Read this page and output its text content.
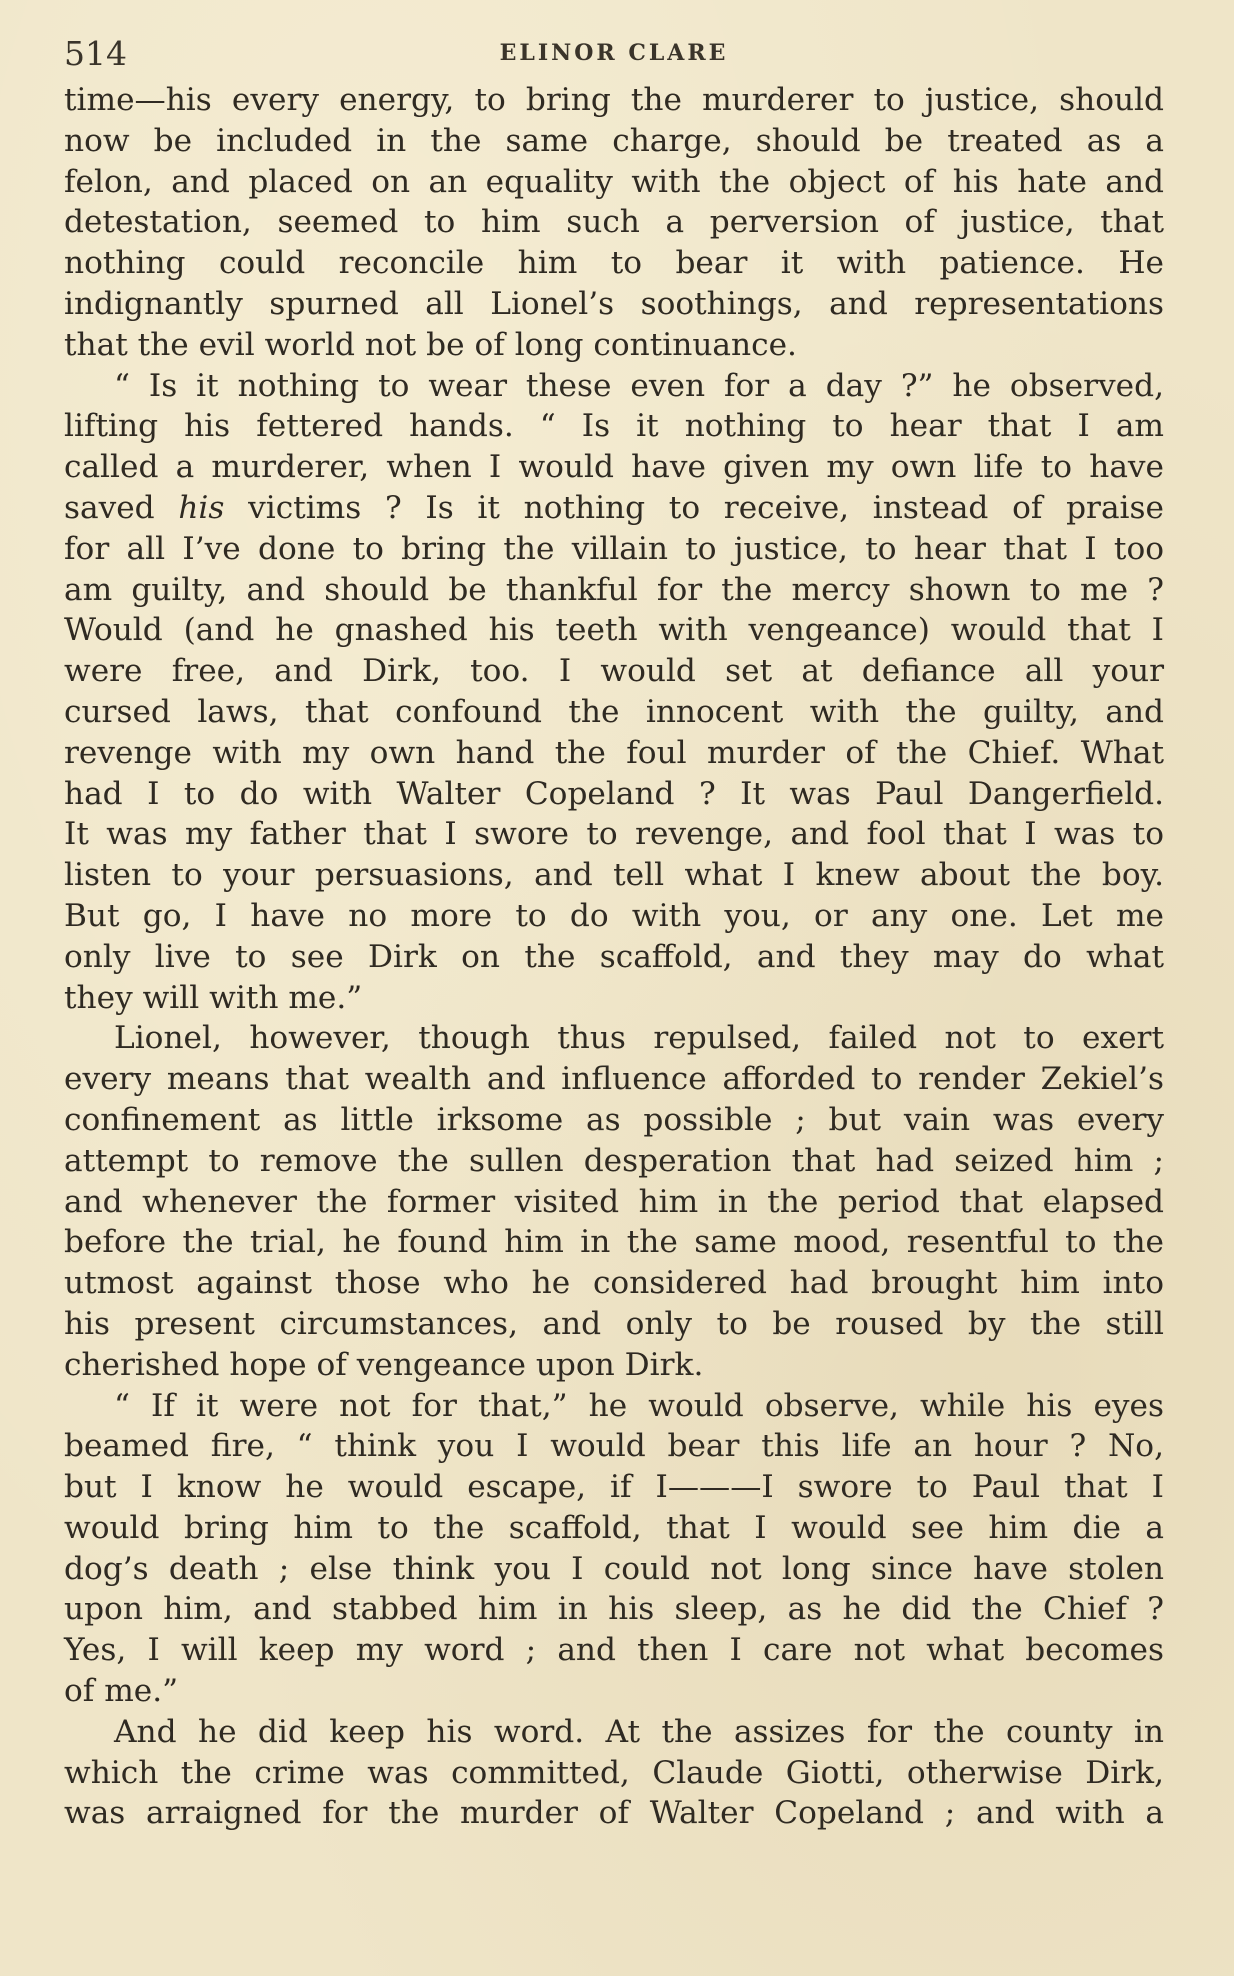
514	ELINOR CLARE
time—his every energy, to bring the murderer to justice, should
now be included in the same charge, should be treated as a
felon, and placed on an equality with the object of his hate and
detestation, seemed to him such a perversion of justice, that
nothing could reconcile him to bear it with patience. He
indignantly spurned all Lionel’s soothings, and representations
that the evil world not be of long continuance.
“ Is it nothing to wear these even for a day ?” he observed,
lifting his fettered hands. “ Is it nothing to hear that I am
called a murderer, when I would have given my own life to have
saved his victims ? Is it nothing to receive, instead of praise
for all I’ve done to bring the villain to justice, to hear that I too
am guilty, and should be thankful for the mercy shown to me ?
Would (and he gnashed his teeth with vengeance) would that I
were free, and Dirk, too. I would set at defiance all your
cursed laws, that confound the innocent with the guilty, and
revenge with my own hand the foul murder of the Chief. What
had I to do with Walter Copeland ? It was Paul Dangerfield.
It was my father that I swore to revenge, and fool that I was to
listen to your persuasions, and tell what I knew about the boy.
But go, I have no more to do with you, or any one. Let me
only live to see Dirk on the scaffold, and they may do what
they will with me.”
Lionel, however, though thus repulsed, failed not to exert
every means that wealth and influence afforded to render Zekiel’s
confinement as little irksome as possible ; but vain was every
attempt to remove the sullen desperation that had seized him ;
and whenever the former visited him in the period that elapsed
before the trial, he found him in the same mood, resentful to the
utmost against those who he considered had brought him into
his present circumstances, and only to be roused by the still
cherished hope of vengeance upon Dirk.
“ If it were not for that,” he would observe, while his eyes
beamed fire, “ think you I would bear this life an hour ? No,
but I know he would escape, if I———I swore to Paul that I
would bring him to the scaffold, that I would see him die a
dog’s death ; else think you I could not long since have stolen
upon him, and stabbed him in his sleep, as he did the Chief ?
Yes, I will keep my word ; and then I care not what becomes
of me.”
And he did keep his word. At the assizes for the county in
which the crime was committed, Claude Giotti, otherwise Dirk,
was arraigned for the murder of Walter Copeland ; and with a
